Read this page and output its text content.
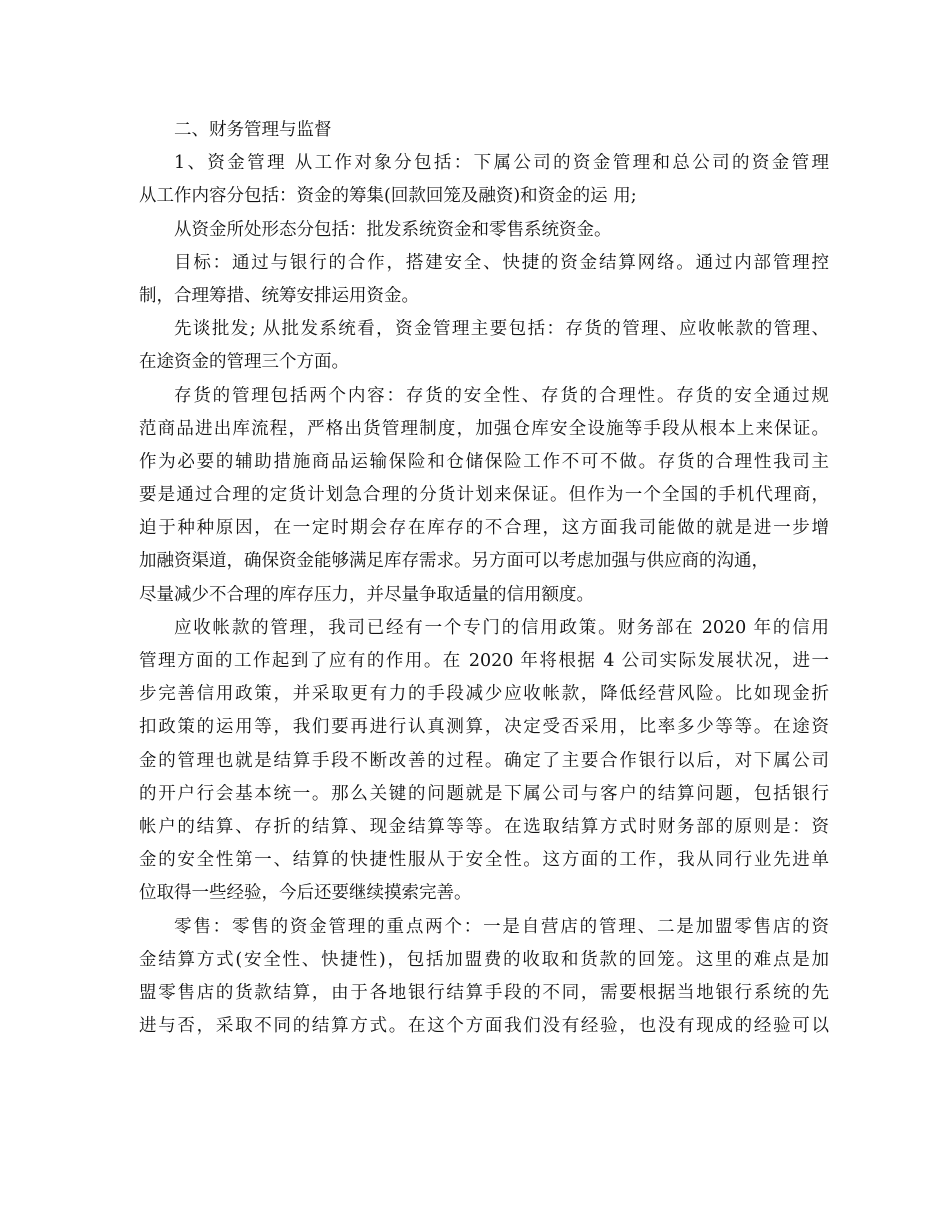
二、财务管理与监督
1、资金管理 从工作对象分包括：下属公司的资金管理和总公司的资金管理
从工作内容分包括：资金的筹集(回款回笼及融资)和资金的运 用;
从资金所处形态分包括：批发系统资金和零售系统资金。
目标：通过与银行的合作，搭建安全、快捷的资金结算网络。通过内部管理控
制，合理筹措、统筹安排运用资金。
先谈批发; 从批发系统看，资金管理主要包括：存货的管理、应收帐款的管理、
在途资金的管理三个方面。
存货的管理包括两个内容：存货的安全性、存货的合理性。存货的安全通过规
范商品进出库流程，严格出货管理制度，加强仓库安全设施等手段从根本上来保证。
作为必要的辅助措施商品运输保险和仓储保险工作不可不做。存货的合理性我司主
要是通过合理的定货计划急合理的分货计划来保证。但作为一个全国的手机代理商，
迫于种种原因，在一定时期会存在库存的不合理，这方面我司能做的就是进一步增
加融资渠道，确保资金能够满足库存需求。另方面可以考虑加强与供应商的沟通，
尽量减少不合理的库存压力，并尽量争取适量的信用额度。
应收帐款的管理，我司已经有一个专门的信用政策。财务部在 2020 年的信用
管理方面的工作起到了应有的作用。在 2020 年将根据 4 公司实际发展状况，进一
步完善信用政策，并采取更有力的手段减少应收帐款，降低经营风险。比如现金折
扣政策的运用等，我们要再进行认真测算，决定受否采用，比率多少等等。在途资
金的管理也就是结算手段不断改善的过程。确定了主要合作银行以后，对下属公司
的开户行会基本统一。那么关键的问题就是下属公司与客户的结算问题，包括银行
帐户的结算、存折的结算、现金结算等等。在选取结算方式时财务部的原则是：资
金的安全性第一、结算的快捷性服从于安全性。这方面的工作，我从同行业先进单
位取得一些经验，今后还要继续摸索完善。
零售：零售的资金管理的重点两个：一是自营店的管理、二是加盟零售店的资
金结算方式(安全性、快捷性)，包括加盟费的收取和货款的回笼。这里的难点是加
盟零售店的货款结算，由于各地银行结算手段的不同，需要根据当地银行系统的先
进与否，采取不同的结算方式。在这个方面我们没有经验，也没有现成的经验可以
